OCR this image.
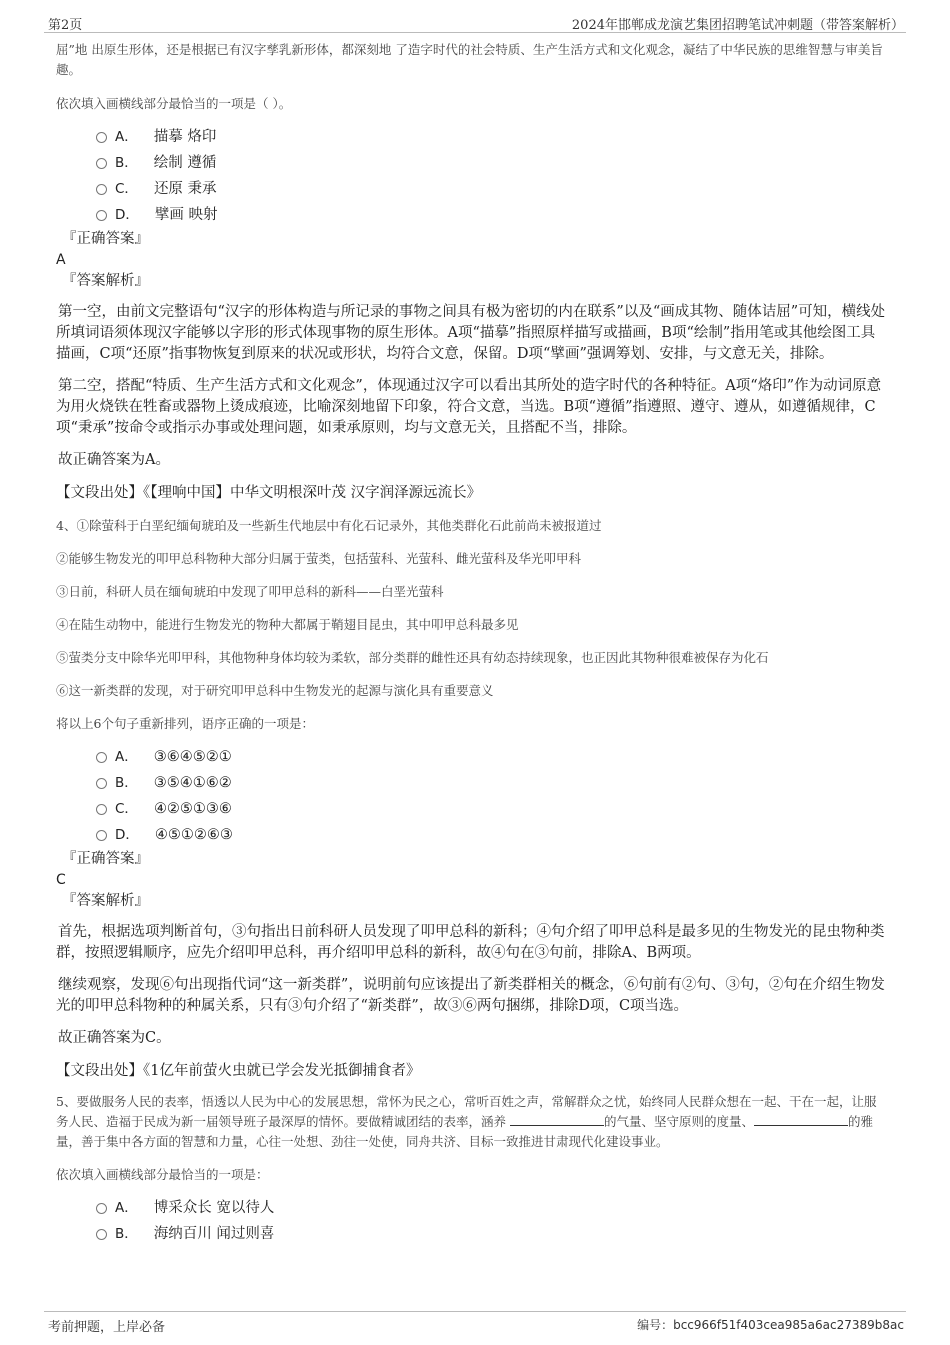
第2页	2024年邯郸成龙演艺集团招聘笔试冲刺题（带答案解析）

屈”地 出原生形体，还是根据已有汉字孳乳新形体，都深刻地 了造字时代的社会特质、生产生活方式和文化观念，凝结了中华民族的思维智慧与审美旨趣。

依次填入画横线部分最恰当的一项是（ ）。

A． 描摹 烙印
B． 绘制 遵循
C． 还原 秉承
D． 擘画 映射
『正确答案』
A
『答案解析』

第一空，由前文完整语句“汉字的形体构造与所记录的事物之间具有极为密切的内在联系”以及“画成其物、随体诘屈”可知，横线处所填词语须体现汉字能够以字形的形式体现事物的原生形体。A项“描摹”指照原样描写或描画，B项“绘制”指用笔或其他绘图工具描画，C项“还原”指事物恢复到原来的状况或形状，均符合文意，保留。D项“擘画”强调筹划、安排，与文意无关，排除。

第二空，搭配“特质、生产生活方式和文化观念”，体现通过汉字可以看出其所处的造字时代的各种特征。A项“烙印”作为动词原意为用火烧铁在牲畜或器物上烫成痕迹，比喻深刻地留下印象，符合文意，当选。B项“遵循”指遵照、遵守、遵从，如遵循规律，C项“秉承”按命令或指示办事或处理问题，如秉承原则，均与文意无关，且搭配不当，排除。

故正确答案为A。

【文段出处】《【理响中国】中华文明根深叶茂 汉字润泽源远流长》

4、①除萤科于白垩纪缅甸琥珀及一些新生代地层中有化石记录外，其他类群化石此前尚未被报道过

②能够生物发光的叩甲总科物种大部分归属于萤类，包括萤科、光萤科、雌光萤科及华光叩甲科

③日前，科研人员在缅甸琥珀中发现了叩甲总科的新科——白垩光萤科

④在陆生动物中，能进行生物发光的物种大都属于鞘翅目昆虫，其中叩甲总科最多见

⑤萤类分支中除华光叩甲科，其他物种身体均较为柔软，部分类群的雌性还具有幼态持续现象，也正因此其物种很难被保存为化石

⑥这一新类群的发现，对于研究叩甲总科中生物发光的起源与演化具有重要意义

将以上6个句子重新排列，语序正确的一项是：

A． ③⑥④⑤②①
B． ③⑤④①⑥②
C． ④②⑤①③⑥
D． ④⑤①②⑥③
『正确答案』
C
『答案解析』

首先，根据选项判断首句，③句指出日前科研人员发现了叩甲总科的新科；④句介绍了叩甲总科是最多见的生物发光的昆虫物种类群，按照逻辑顺序，应先介绍叩甲总科，再介绍叩甲总科的新科，故④句在③句前，排除A、B两项。

继续观察，发现⑥句出现指代词“这一新类群”，说明前句应该提出了新类群相关的概念，⑥句前有②句、③句，②句在介绍生物发光的叩甲总科物种的种属关系，只有③句介绍了“新类群”，故③⑥两句捆绑，排除D项，C项当选。

故正确答案为C。

【文段出处】《1亿年前萤火虫就已学会发光抵御捕食者》

5、要做服务人民的表率，悟透以人民为中心的发展思想，常怀为民之心，常听百姓之声，常解群众之忧，始终同人民群众想在一起、干在一起，让服务人民、造福于民成为新一届领导班子最深厚的情怀。要做精诚团结的表率，涵养	的气量、坚守原则的度量、	的雅量，善于集中各方面的智慧和力量，心往一处想、劲往一处使，同舟共济、目标一致推进甘肃现代化建设事业。

依次填入画横线部分最恰当的一项是：

A． 博采众长 宽以待人
B． 海纳百川 闻过则喜
考前押题，上岸必备	编号：bcc966f51f403cea985a6ac27389b8ac
